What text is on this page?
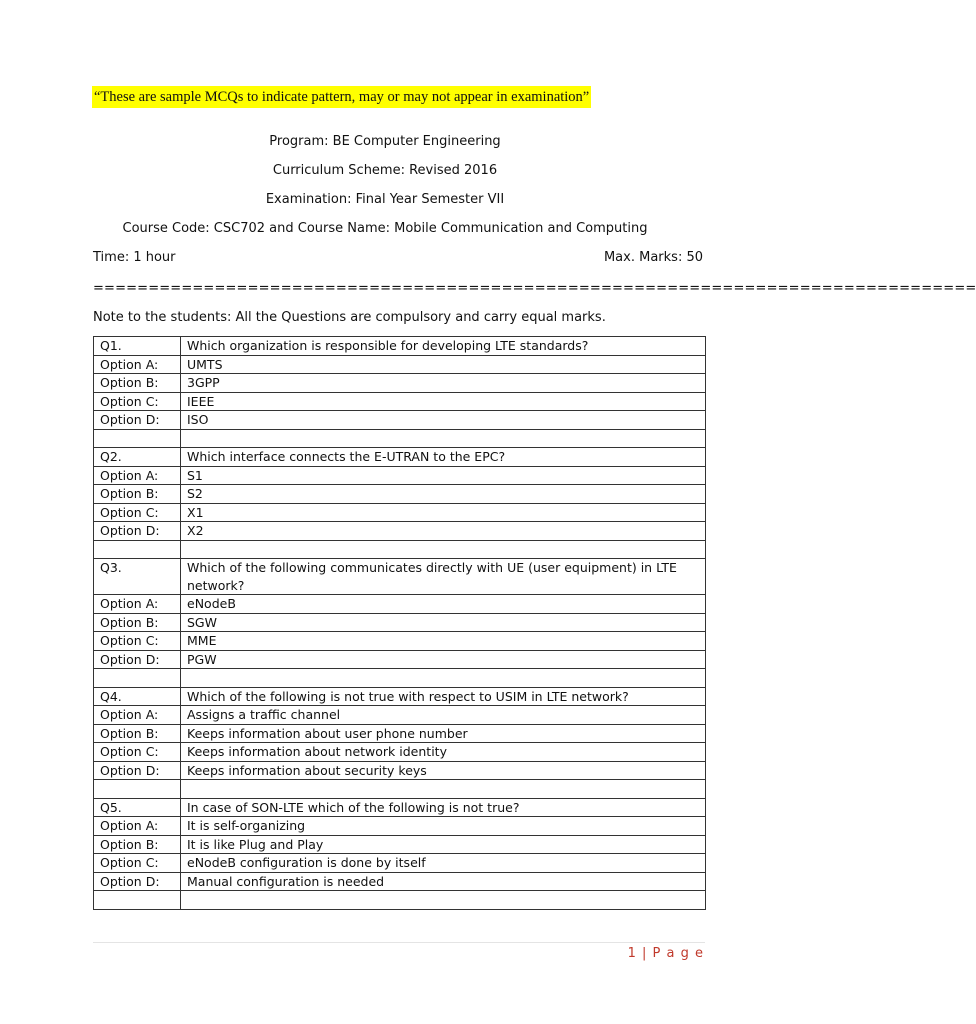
“These are sample MCQs to indicate pattern, may or may not appear in examination”
Program: BE Computer Engineering
Curriculum Scheme: Revised 2016
Examination: Final Year Semester VII
Course Code: CSC702 and Course Name: Mobile Communication and Computing
Time: 1 hour	Max. Marks: 50
================================================================================
Note to the students: All the Questions are compulsory and carry equal marks.
Q1.	Which organization is responsible for developing LTE standards?
Option A:	UMTS
Option B:	3GPP
Option C:	IEEE
Option D:	ISO

Q2.	Which interface connects the E-UTRAN to the EPC?
Option A:	S1
Option B:	S2
Option C:	X1
Option D:	X2

Q3.	Which of the following communicates directly with UE (user equipment) in LTE network?
Option A:	eNodeB
Option B:	SGW
Option C:	MME
Option D:	PGW

Q4.	Which of the following is not true with respect to USIM in LTE network?
Option A:	Assigns a traffic channel
Option B:	Keeps information about user phone number
Option C:	Keeps information about network identity
Option D:	Keeps information about security keys

Q5.	In case of SON-LTE which of the following is not true?
Option A:	It is self-organizing
Option B:	It is like Plug and Play
Option C:	eNodeB configuration is done by itself
Option D:	Manual configuration is needed

1 | P a g e
